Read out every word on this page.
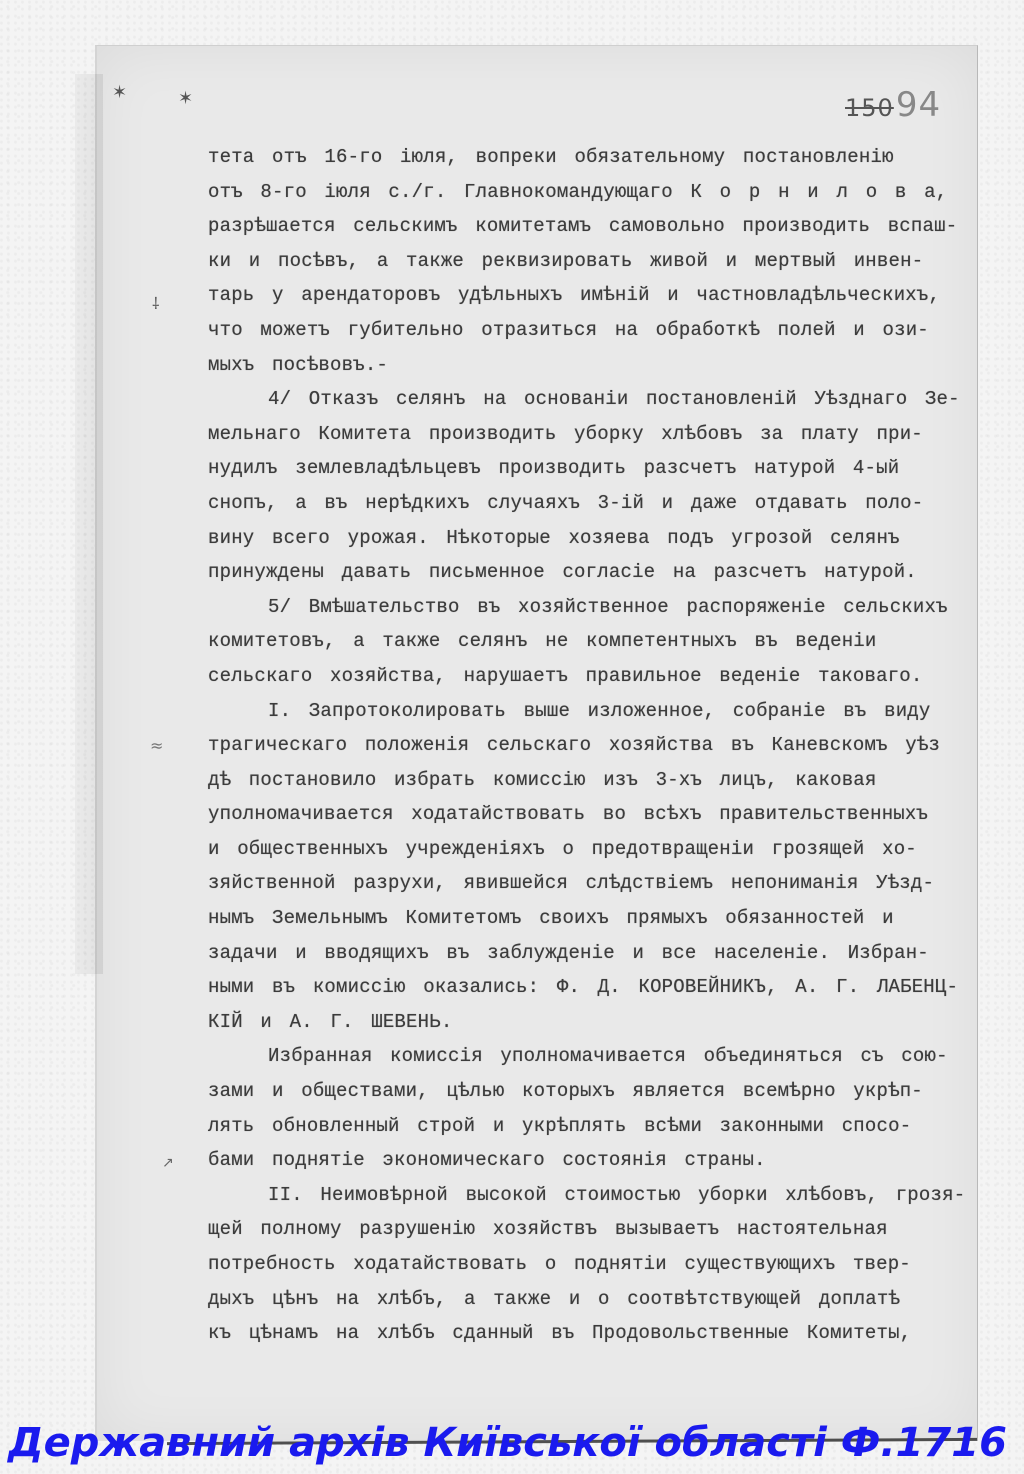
✶	✶
⸸
≈
↗
15094
тета отъ 16-го іюля, вопреки обязательному постановленію
отъ 8-го іюля с./г. Главнокомандующаго К о р н и л о в а,
разрѣшается сельскимъ комитетамъ самовольно производить вспаш-
ки и посѣвъ, а также реквизировать живой и мертвый инвен-
тарь у арендаторовъ удѣльныхъ имѣній и частновладѣльческихъ,
что можетъ губительно отразиться на обработкѣ полей и ози-
мыхъ посѣвовъ.-
4/ Отказъ селянъ на основаніи постановленій Уѣзднаго Зе-
мельнаго Комитета производить уборку хлѣбовъ за плату при-
нудилъ землевладѣльцевъ производить разсчетъ натурой 4-ый
снопъ, а въ нерѣдкихъ случаяхъ 3-ій и даже отдавать поло-
вину всего урожая. Нѣкоторые хозяева подъ угрозой селянъ
принуждены давать письменное согласіе на разсчетъ натурой.
5/ Вмѣшательство въ хозяйственное распоряженіе сельскихъ
комитетовъ, а также селянъ не компетентныхъ въ веденіи
сельскаго хозяйства, нарушаетъ правильное веденіе таковаго.
I. Запротоколировать выше изложенное, собраніе въ виду
трагическаго положенія сельскаго хозяйства въ Каневскомъ уѣз
дѣ постановило избрать комиссію изъ 3-хъ лицъ, каковая
уполномачивается ходатайствовать во всѣхъ правительственныхъ
и общественныхъ учрежденіяхъ о предотвращеніи грозящей хо-
зяйственной разрухи, явившейся слѣдствіемъ непониманія Уѣзд-
нымъ Земельнымъ Комитетомъ своихъ прямыхъ обязанностей и
задачи и вводящихъ въ заблужденіе и все населеніе. Избран-
ными въ комиссію оказались: Ф. Д. КОРОВЕЙНИКЪ, А. Г. ЛАБЕНЦ-
КІЙ и А. Г. ШЕВЕНЬ.
Избранная комиссія уполномачивается объединяться съ сою-
зами и обществами, цѣлью которыхъ является всемѣрно укрѣп-
лять обновленный строй и укрѣплять всѣми законными спосо-
бами поднятіе экономическаго состоянія страны.
II. Неимовѣрной высокой стоимостью уборки хлѣбовъ, грозя-
щей полному разрушенію хозяйствъ вызываетъ настоятельная
потребность ходатайствовать о поднятіи существующихъ твер-
дыхъ цѣнъ на хлѣбъ, а также и о соотвѣтствующей доплатѣ
къ цѣнамъ на хлѣбъ сданный въ Продовольственные Комитеты,
Державний архів Київської області Ф.1716
